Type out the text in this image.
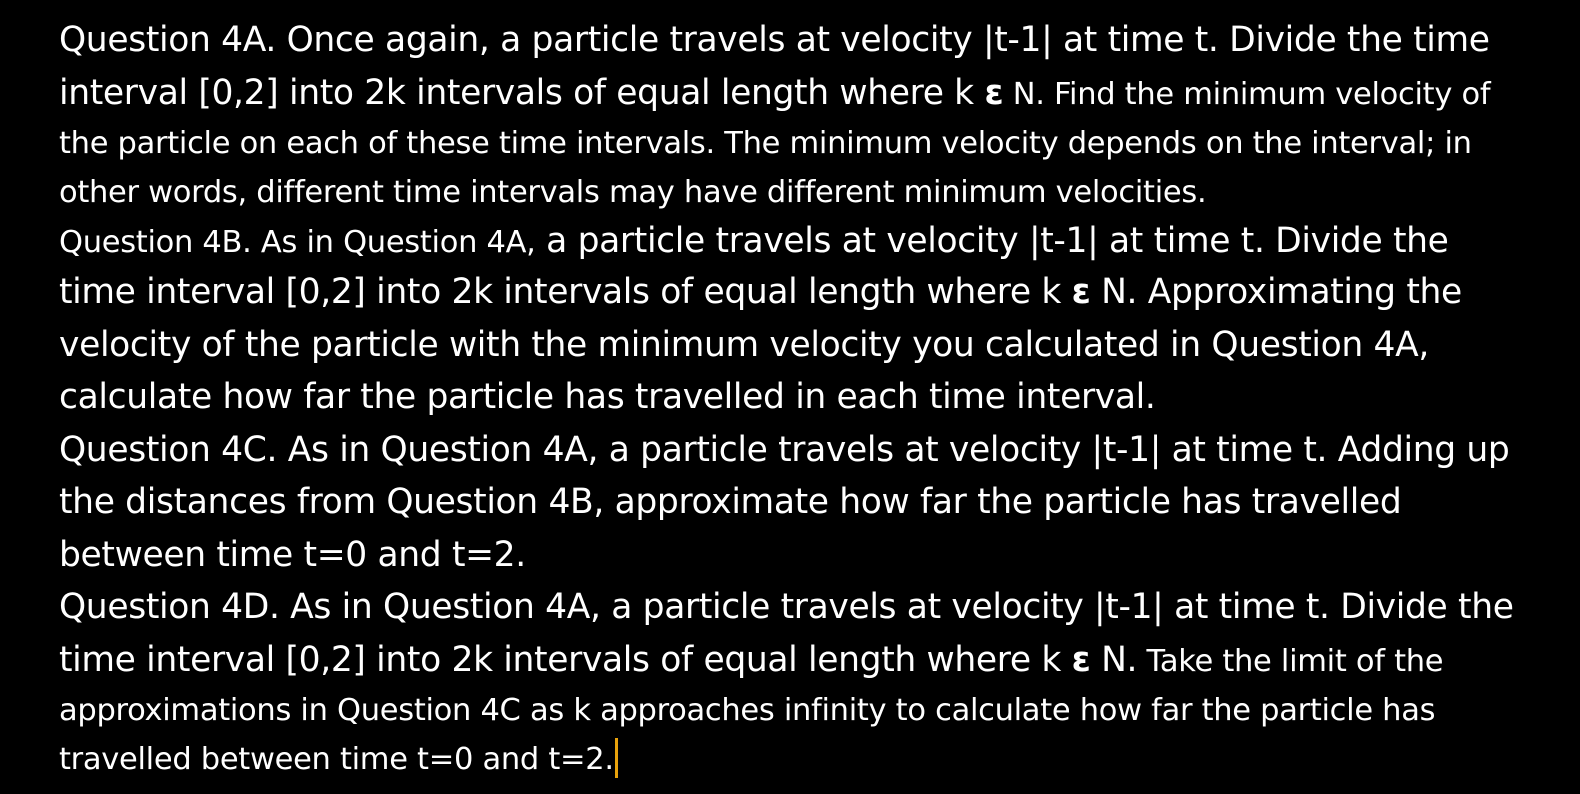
Question 4A. Once again, a particle travels at velocity |t-1| at time t. Divide the time
interval [0,2] into 2k intervals of equal length where k ε N. Find the minimum velocity of
the particle on each of these time intervals. The minimum velocity depends on the interval; in
other words, different time intervals may have different minimum velocities.
Question 4B. As in Question 4A, a particle travels at velocity |t-1| at time t. Divide the
time interval [0,2] into 2k intervals of equal length where k ε N. Approximating the
velocity of the particle with the minimum velocity you calculated in Question 4A,
calculate how far the particle has travelled in each time interval.
Question 4C. As in Question 4A, a particle travels at velocity |t-1| at time t. Adding up
the distances from Question 4B, approximate how far the particle has travelled
between time t=0 and t=2.
Question 4D. As in Question 4A, a particle travels at velocity |t-1| at time t. Divide the
time interval [0,2] into 2k intervals of equal length where k ε N. Take the limit of the
approximations in Question 4C as k approaches infinity to calculate how far the particle has
travelled between time t=0 and t=2.
